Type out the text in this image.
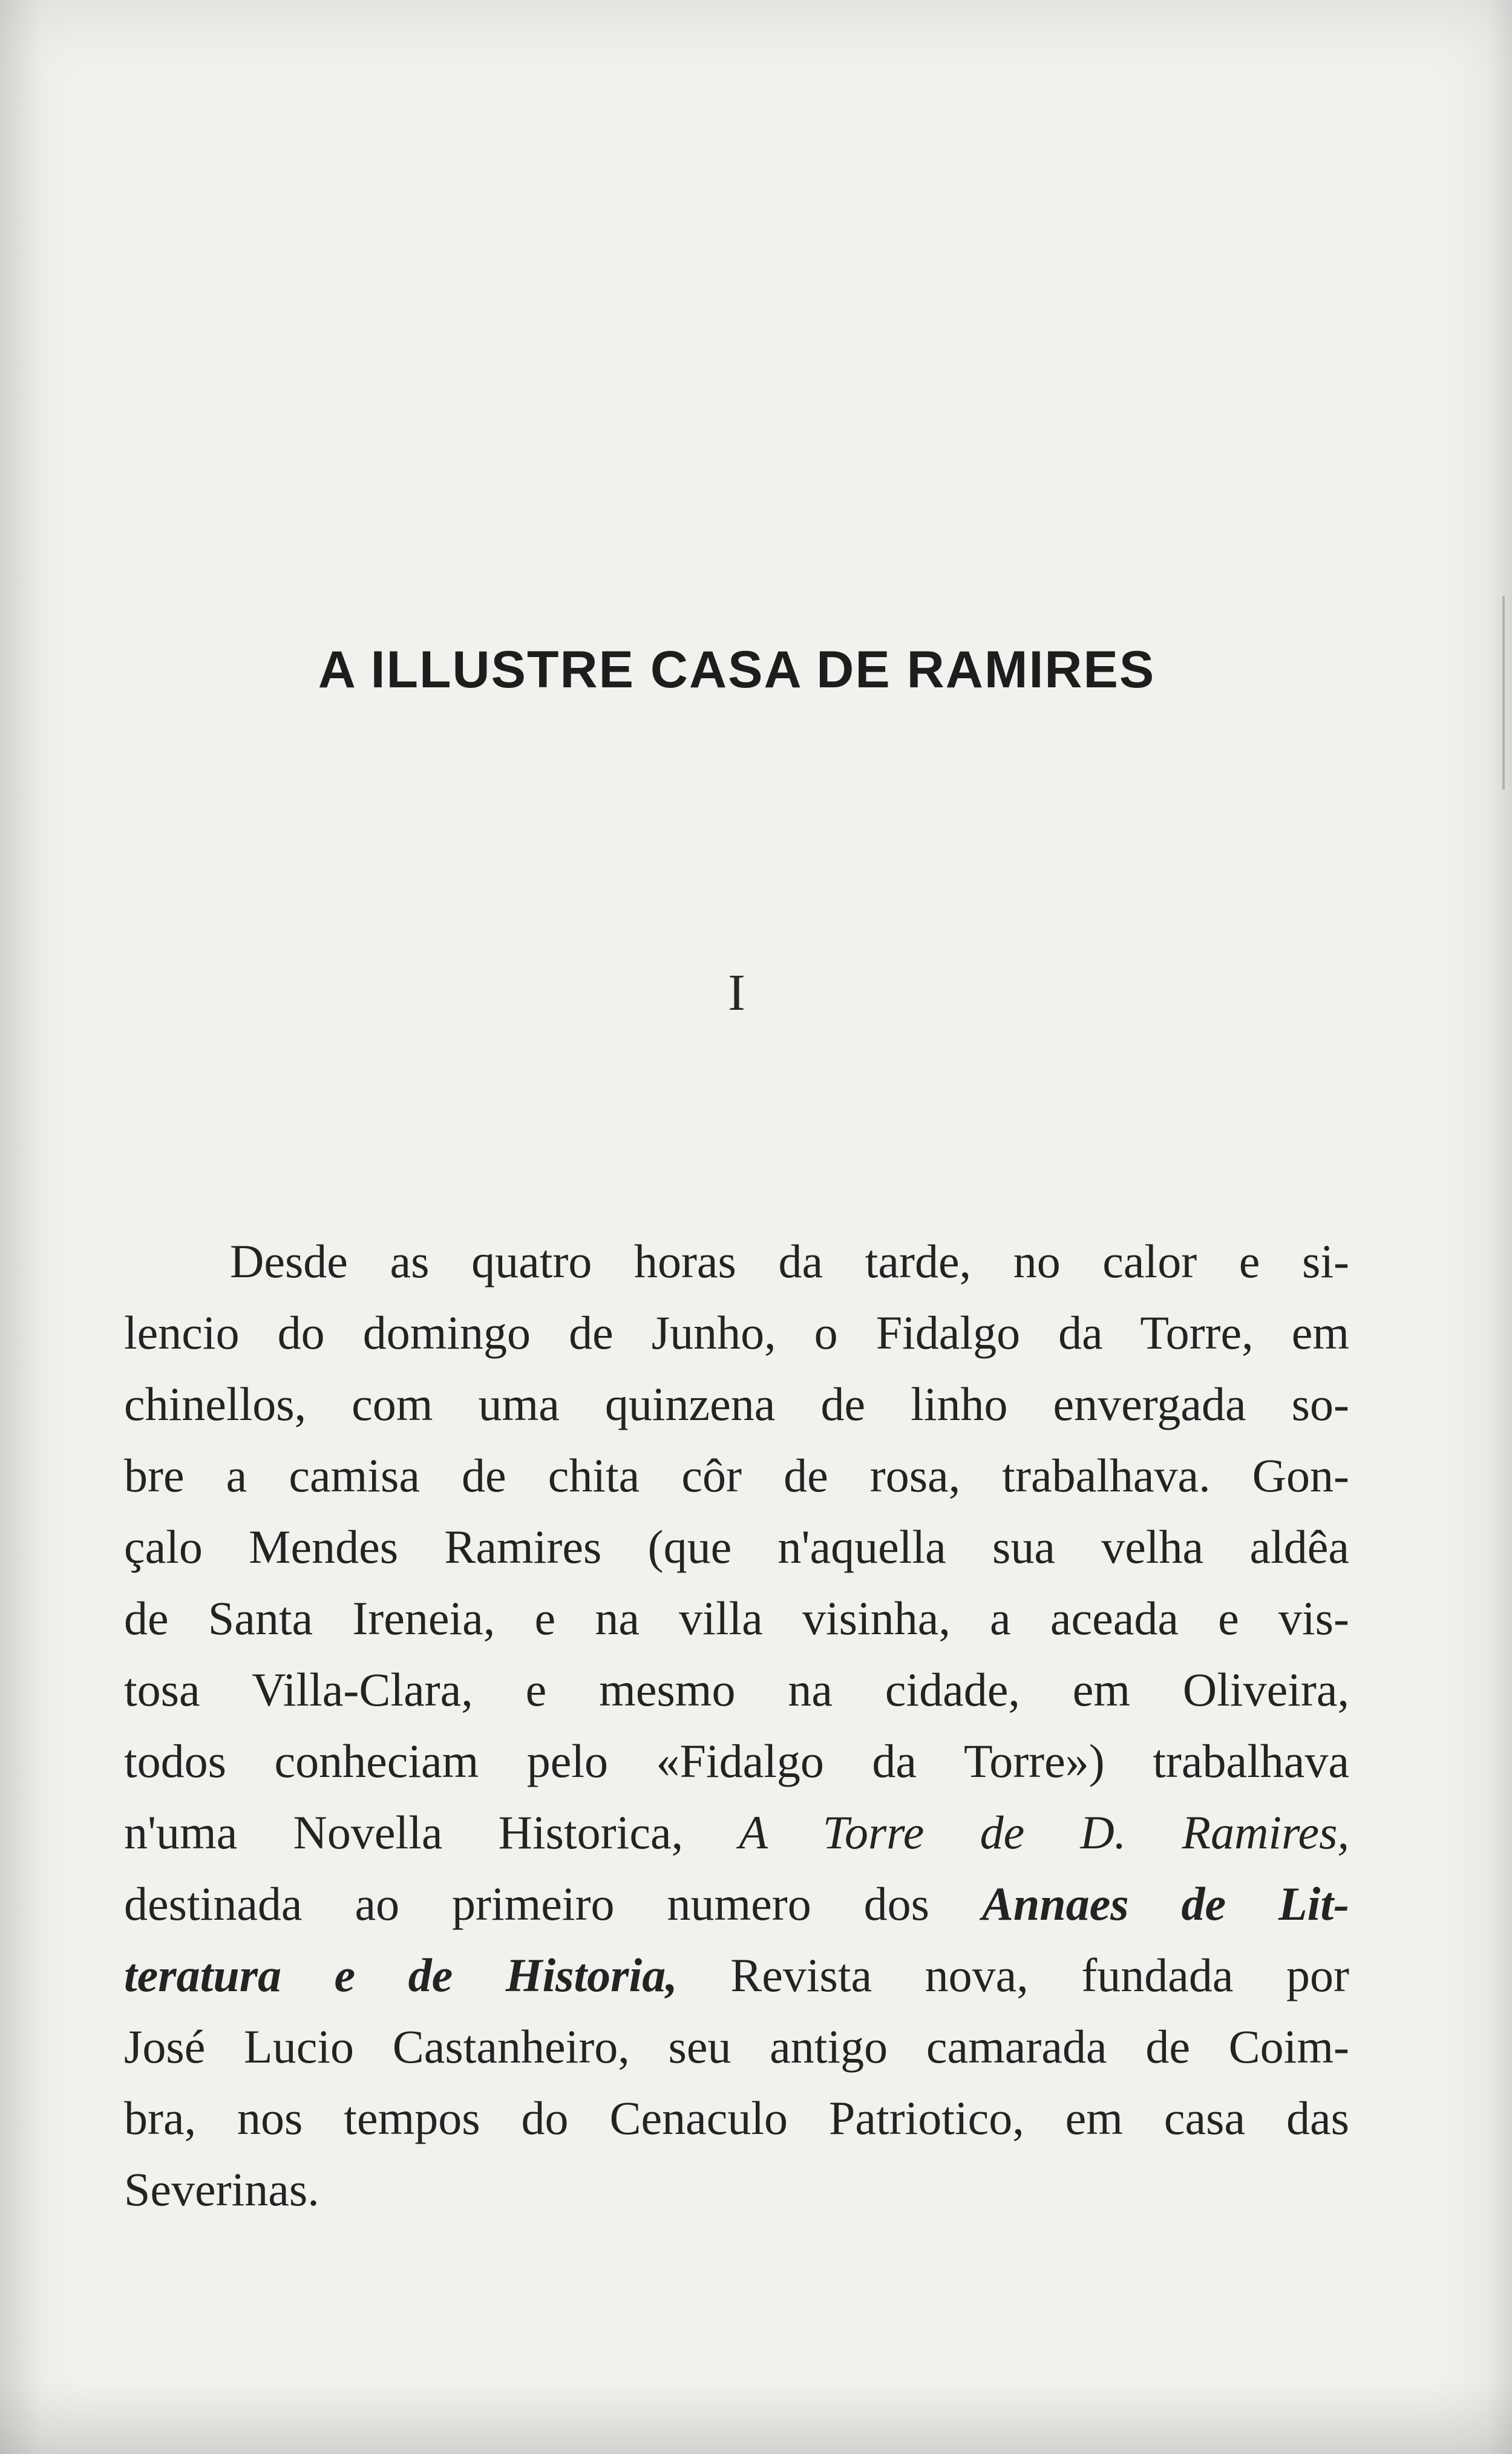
A ILLUSTRE CASA DE RAMIRES
I
Desde as quatro horas da tarde, no calor e si-
lencio do domingo de Junho, o Fidalgo da Torre, em
chinellos, com uma quinzena de linho envergada so-
bre a camisa de chita côr de rosa, trabalhava. Gon-
çalo Mendes Ramires (que n'aquella sua velha aldêa
de Santa Ireneia, e na villa visinha, a aceada e vis-
tosa Villa-Clara, e mesmo na cidade, em Oliveira,
todos conheciam pelo «Fidalgo da Torre») trabalhava
n'uma Novella Historica, A Torre de D. Ramires,
destinada ao primeiro numero dos Annaes de Lit-
teratura e de Historia, Revista nova, fundada por
José Lucio Castanheiro, seu antigo camarada de Coim-
bra, nos tempos do Cenaculo Patriotico, em casa das
Severinas.
